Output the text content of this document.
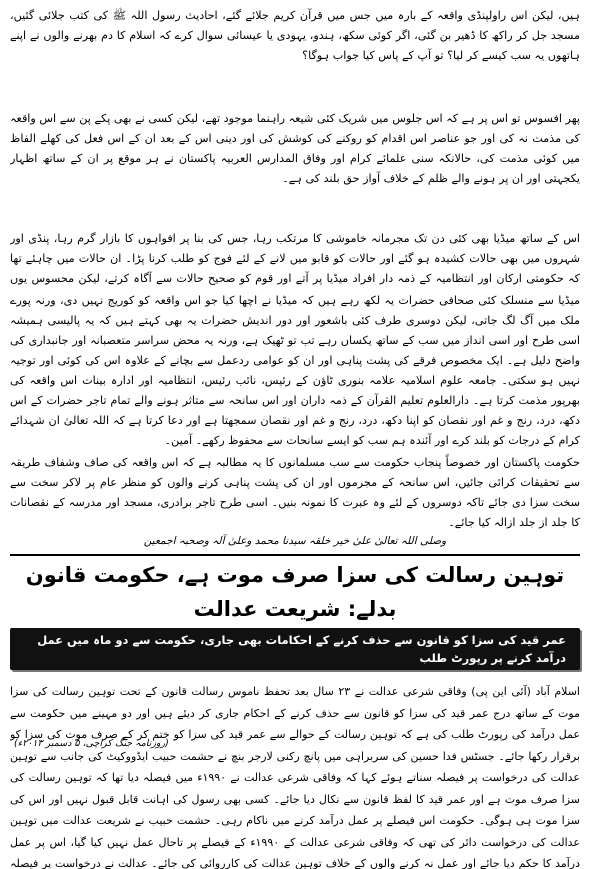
ہیں، لیکن اس راولپنڈی واقعہ کے بارہ میں جس میں قرآن کریم جلائے گئے، احادیث رسول اللہ ﷺ کی کتب جلائی گئیں، مسجد جل کر راکھ کا ڈھیر بن گئی، اگر کوئی سکھ، ہندو، یہودی یا عیسائی سوال کرے کہ اسلام کا دم بھرنے والوں نے اپنے ہاتھوں یہ سب کیسے کر لیا؟ تو آپ کے پاس کیا جواب ہوگا؟

پھر افسوس تو اس پر ہے کہ اس جلوس میں شریک کئی شیعہ راہنما موجود تھے، لیکن کسی نے بھی پکے پن سے اس واقعہ کی مذمت نہ کی اور جو عناصر اس اقدام کو روکنے کی کوشش کی اور دینی اس کے بعد ان کے اس فعل کی کھلے الفاظ میں کوئی مذمت کی، حالانکہ سنی علمائے کرام اور وفاق المدارس العربیہ پاکستان نے ہر موقع پر ان کے ساتھ اظہار یکجہتی اور ان پر ہونے والے ظلم کے خلاف آواز حق بلند کی ہے۔

اس کے ساتھ میڈیا بھی کئی دن تک مجرمانہ خاموشی کا مرتکب رہا، جس کی بنا پر افواہوں کا بازار گرم رہا، پنڈی اور شہروں میں بھی حالات کشیدہ ہو گئے اور حالات کو قابو میں لانے کے لئے فوج کو طلب کرنا پڑا۔ ان حالات میں چاہئے تھا کہ حکومتی ارکان اور انتظامیہ کے ذمہ دار افراد میڈیا پر آتے اور قوم کو صحیح حالات سے آگاہ کرتے، لیکن محسوس یوں

میڈیا سے منسلک کئی صحافی حضرات یہ لکھ رہے ہیں کہ میڈیا نے اچھا کیا جو اس واقعہ کو کوریج نہیں دی، ورنہ پورے ملک میں آگ لگ جاتی، لیکن دوسری طرف کئی باشعور اور دور اندیش حضرات یہ بھی کہتے ہیں کہ یہ پالیسی ہمیشہ اسی طرح اور اسی انداز میں سب کے ساتھ یکساں رہے تب تو ٹھیک ہے، ورنہ یہ محض سراسر متعصبانہ اور جانبداری کی واضح دلیل ہے۔ ایک مخصوص فرقے کی پشت پناہی اور ان کو عوامی ردعمل سے بچانے کے علاوہ اس کی کوئی اور توجیہ نہیں ہو سکتی۔ جامعہ علوم اسلامیہ علامہ بنوری ٹاؤن کے رئیس، نائب رئیس، انتظامیہ اور ادارہ بینات اس واقعہ کی بھرپور مذمت کرتا ہے۔ دارالعلوم تعلیم القرآن کے ذمہ داران اور اس سانحہ سے متاثر ہونے والے تمام تاجر حضرات کے اس دکھ، درد، رنج و غم اور نقصان کو اپنا دکھ، درد، رنج و غم اور نقصان سمجھتا ہے اور دعا کرتا ہے کہ اللہ تعالیٰ ان شہدائے کرام کے درجات کو بلند کرے اور آئندہ ہم سب کو ایسے سانحات سے محفوظ رکھے۔ آمین۔

حکومت پاکستان اور خصوصاً پنجاب حکومت سے سب مسلمانوں کا یہ مطالبہ ہے کہ اس واقعہ کی صاف وشفاف طریقہ سے تحقیقات کرائی جائیں، اس سانحہ کے مجرموں اور ان کی پشت پناہی کرنے والوں کو منظر عام پر لاکر سخت سے سخت سزا دی جائے تاکہ دوسروں کے لئے وہ عبرت کا نمونہ بنیں۔ اسی طرح تاجر برادری، مسجد اور مدرسہ کے نقصانات کا جلد از جلد ازالہ کیا جائے۔

وصلی اللہ تعالیٰ علیٰ خیر خلقہ سیدنا محمد وعلیٰ آلہ وصحبہ اجمعین
توہین رسالت کی سزا صرف موت ہے، حکومت قانون بدلے: شریعت عدالت
عمر قید کی سزا کو قانون سے حذف کرنے کے احکامات بھی جاری، حکومت سے دو ماہ میں عمل درآمد کرنے پر رپورٹ طلب

اسلام آباد (آئی این پی) وفاقی شرعی عدالت نے ۲۳ سال بعد تحفظ ناموس رسالت قانون کے تحت توہین رسالت کی سزا موت کے ساتھ درج عمر قید کی سزا کو قانون سے حذف کرنے کے احکام جاری کر دیئے ہیں اور دو مہینے میں حکومت سے عمل درآمد کی رپورٹ طلب کی ہے کہ توہین رسالت کے حوالے سے عمر قید کی سزا کو ختم کر کے صرف موت کی سزا کو برقرار رکھا جائے۔ جسٹس فدا حسین کی سربراہی میں پانچ رکنی لارجر بنچ نے حشمت حبیب ایڈووکیٹ کی جانب سے توہین عدالت کی درخواست پر فیصلہ سناتے ہوئے کہا کہ وفاقی شرعی عدالت نے ۱۹۹۰ء میں فیصلہ دیا تھا کہ توہین رسالت کی سزا صرف موت ہے اور عمر قید کا لفظ قانون سے نکال دیا جائے۔ کسی بھی رسول کی اہانت قابل قبول نہیں اور اس کی سزا موت ہی ہوگی۔ حکومت اس فیصلے پر عمل درآمد کرنے میں ناکام رہی۔ حشمت حبیب نے شریعت عدالت میں توہین عدالت کی درخواست دائر کی تھی کہ وفاقی شرعی عدالت کے ۱۹۹۰ء کے فیصلے پر تاحال عمل نہیں کیا گیا، اس پر عمل درآمد کا حکم دیا جائے اور عمل نہ کرنے والوں کے خلاف توہین عدالت کی کارروائی کی جائے۔ عدالت نے درخواست پر فیصلہ

(روزنامہ جنگ کراچی، ۵ دسمبر ۲۰۱۳ء)
